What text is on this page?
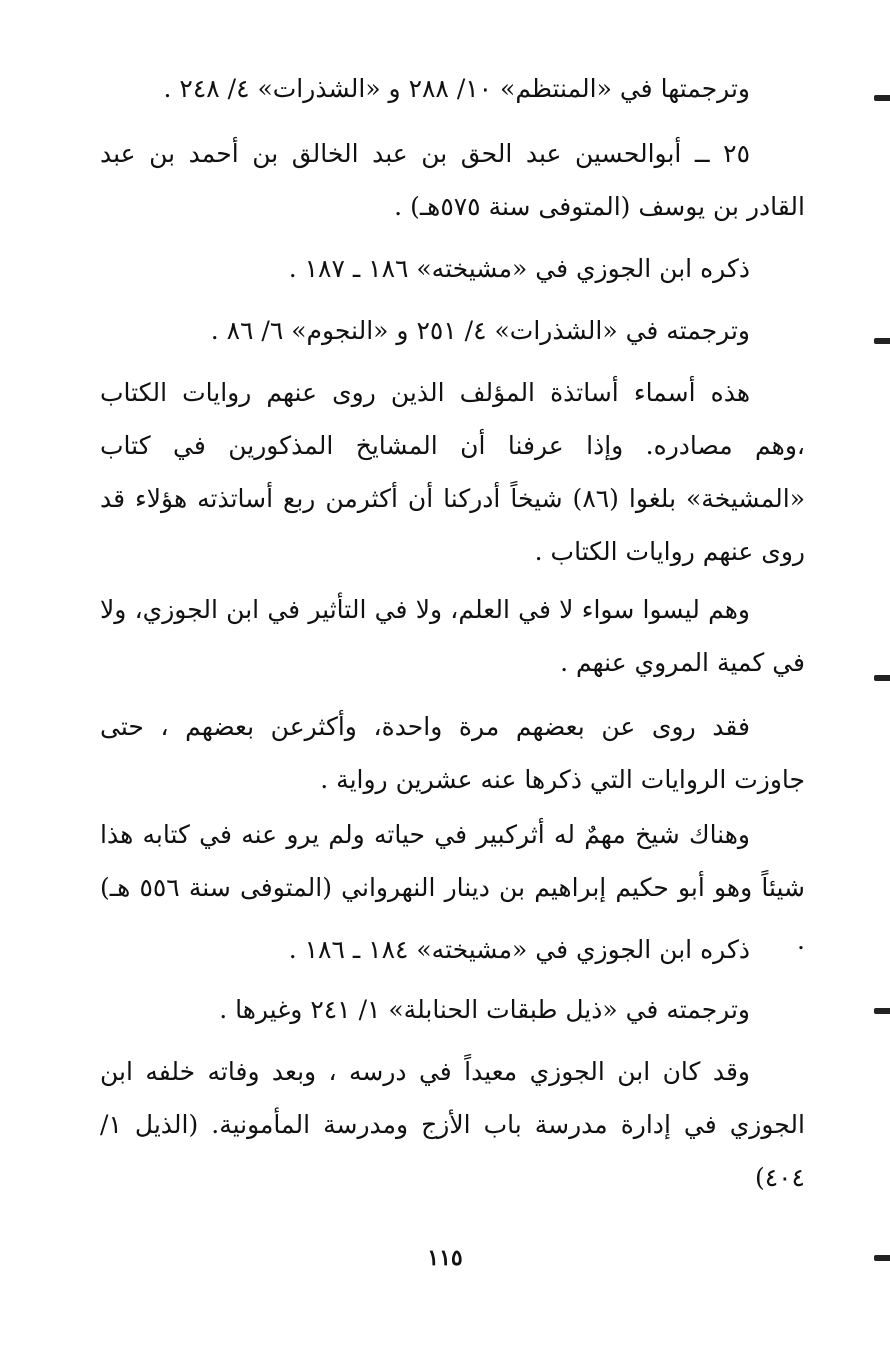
وترجمتها في «المنتظم» ١٠/ ٢٨٨ و «الشذرات» ٤/ ٢٤٨ .

٢٥ ــ أبوالحسين عبد الحق بن عبد الخالق بن أحمد بن عبد القادر بن يوسف (المتوفى سنة ٥٧٥هـ) .

ذكره ابن الجوزي في «مشيخته» ١٨٦ ـ ١٨٧ .

وترجمته في «الشذرات» ٤/ ٢٥١ و «النجوم» ٦/ ٨٦ .

هذه أسماء أساتذة المؤلف الذين روى عنهم روايات الكتاب ،وهم مصادره. وإذا عرفنا أن المشايخ المذكورين في كتاب «المشيخة» بلغوا (٨٦) شيخاً أدركنا أن أكثرمن ربع أساتذته هؤلاء قد روى عنهم روايات الكتاب .

وهم ليسوا سواء لا في العلم، ولا في التأثير في ابن الجوزي، ولا في كمية المروي عنهم .

فقد روى عن بعضهم مرة واحدة، وأكثرعن بعضهم ، حتى جاوزت الروايات التي ذكرها عنه عشرين رواية .

وهناك شيخ مهمٌ له أثركبير في حياته ولم يرو عنه في كتابه هذا شيئاً وهو أبو حكيم إبراهيم بن دينار النهرواني (المتوفى سنة ٥٥٦ هـ) .

ذكره ابن الجوزي في «مشيخته» ١٨٤ ـ ١٨٦ .

وترجمته في «ذيل طبقات الحنابلة» ١/ ٢٤١ وغيرها .

وقد كان ابن الجوزي معيداً في درسه ، وبعد وفاته خلفه ابن الجوزي في إدارة مدرسة باب الأزج ومدرسة المأمونية. (الذيل ١/ ٤٠٤)

١١٥
